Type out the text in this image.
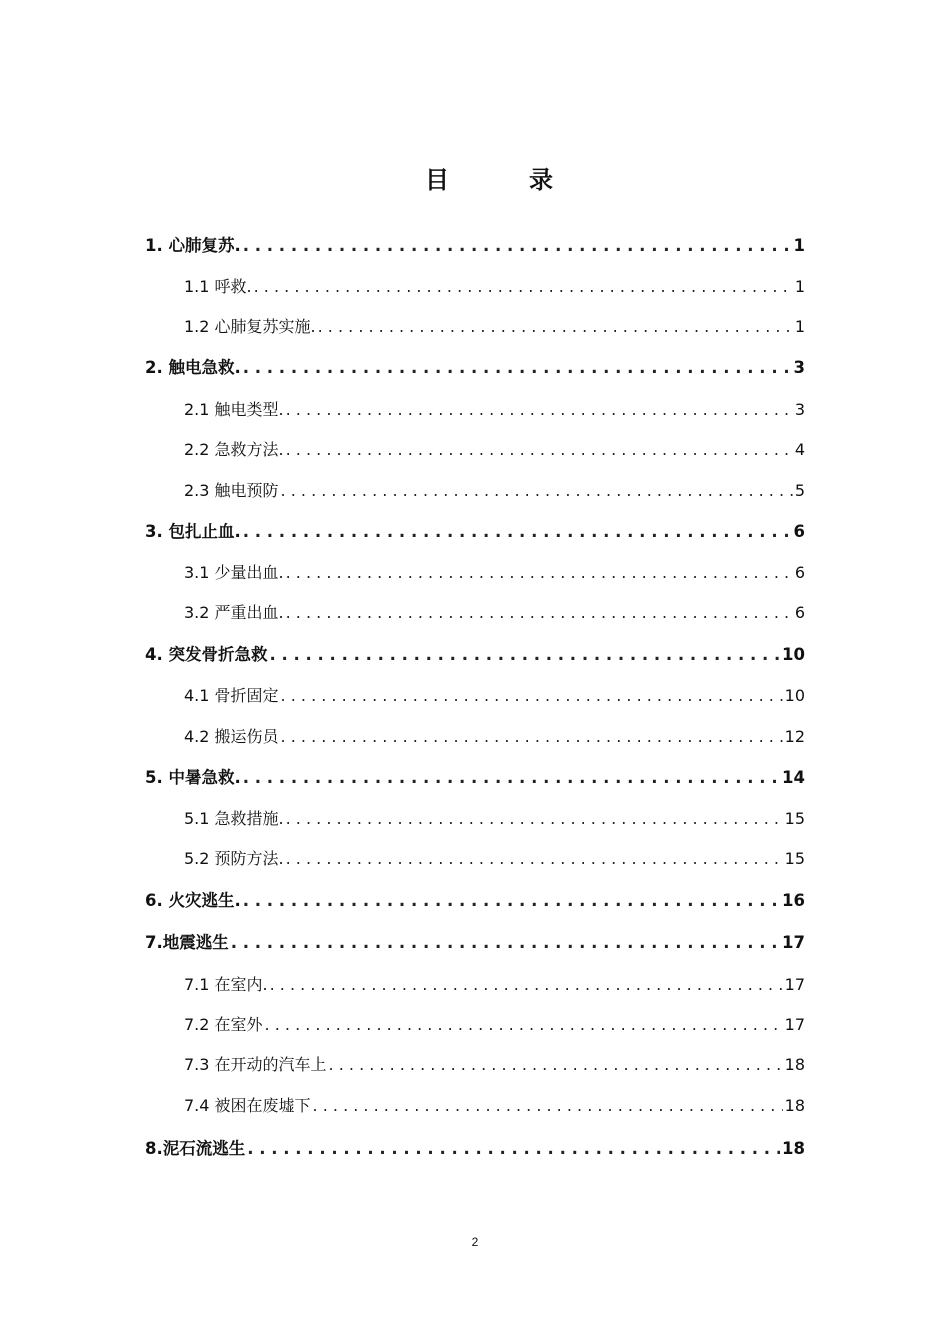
目　录
1. 心肺复苏. . . .	1
1.1 呼救. . . .	1
1.2 心肺复苏实施. . . .	1
2. 触电急救. . . .	3
2.1 触电类型. . . .	3
2.2 急救方法. . . .	4
2.3 触电预防 . . .	5
3. 包扎止血. . . .	6
3.1 少量出血. . . .	6
3.2 严重出血. . . .	6
4. 突发骨折急救 . . .	10
4.1 骨折固定 . . .	10
4.2 搬运伤员 . . .	12
5. 中暑急救. . . .	14
5.1 急救措施. . . .	15
5.2 预防方法. . . .	15
6. 火灾逃生. . . .	16
7.地震逃生 . . .	17
7.1 在室内. . . .	17
7.2 在室外 . . .	17
7.3 在开动的汽车上 . . .	18
7.4 被困在废墟下 . . .	18
8.泥石流逃生 . . .	18
2
